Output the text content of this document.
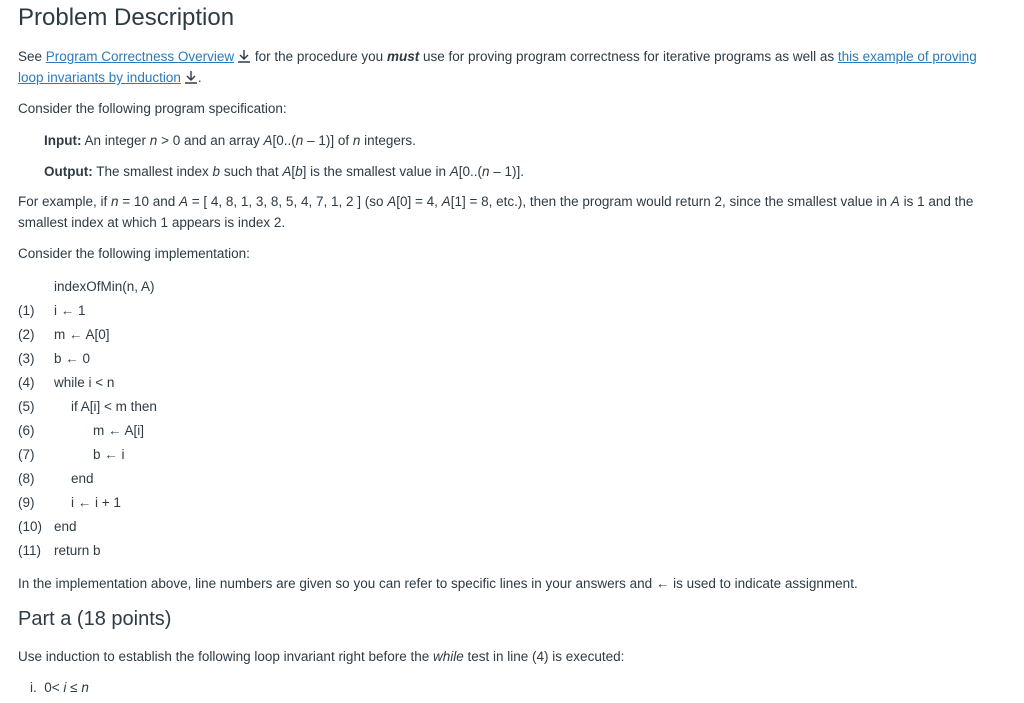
Problem Description
See Program Correctness Overview for the procedure you must use for proving program correctness for iterative programs as well as this example of proving loop invariants by induction .
Consider the following program specification:
Input: An integer n > 0 and an array A[0..(n – 1)] of n integers.
Output: The smallest index b such that A[b] is the smallest value in A[0..(n – 1)].
For example, if n = 10 and A = [ 4, 8, 1, 3, 8, 5, 4, 7, 1, 2 ] (so A[0] = 4, A[1] = 8, etc.), then the program would return 2, since the smallest value in A is 1 and the smallest index at which 1 appears is index 2.
Consider the following implementation:
indexOfMin(n, A)
(1) i ← 1
(2) m ← A[0]
(3) b ← 0
(4) while i < n
(5)	if A[i] < m then
(6)	m ← A[i]
(7)	b ← i
(8)	end
(9)	i ← i + 1
(10) end
(11) return b
In the implementation above, line numbers are given so you can refer to specific lines in your answers and ← is used to indicate assignment.
Part a (18 points)
Use induction to establish the following loop invariant right before the while test in line (4) is executed:
i. 0< i ≤ n
